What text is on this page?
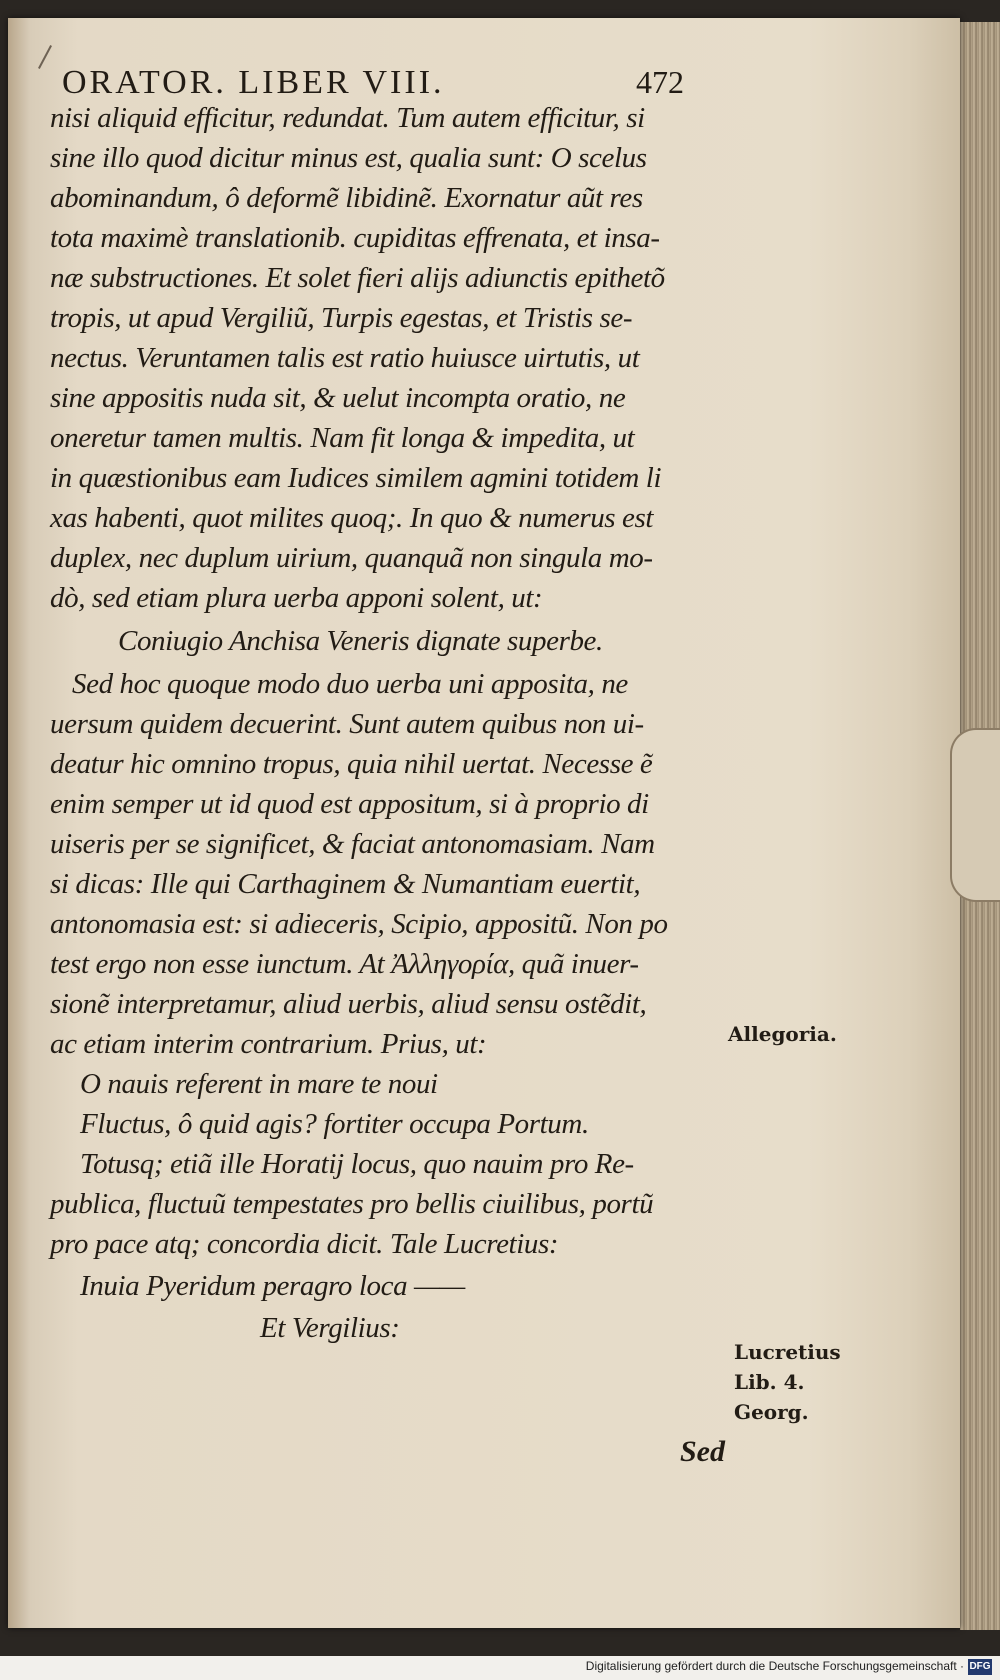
ORATOR. LIBER VIII.	472
nisi aliquid efficitur, redundat. Tum autem efficitur, si
sine illo quod dicitur minus est, qualia sunt: O scelus
abominandum, ô deformẽ libidinẽ. Exornatur aũt res
tota maximè translationib. cupiditas effrenata, et insa-
næ substructiones. Et solet fieri alijs adiunctis epithetõ
tropis, ut apud Vergiliũ, Turpis egestas, et Tristis se-
nectus. Veruntamen talis est ratio huiusce uirtutis, ut
sine appositis nuda sit, & uelut incompta oratio, ne
oneretur tamen multis. Nam fit longa & impedita, ut
in quæstionibus eam Iudices similem agmini totidem li
xas habenti, quot milites quoq;. In quo & numerus est
duplex, nec duplum uirium, quanquã non singula mo-
dò, sed etiam plura uerba apponi solent, ut:
Coniugio Anchisa Veneris dignate superbe.
Sed hoc quoque modo duo uerba uni apposita, ne
uersum quidem decuerint. Sunt autem quibus non ui-
deatur hic omnino tropus, quia nihil uertat. Necesse ẽ
enim semper ut id quod est appositum, si à proprio di
uiseris per se significet, & faciat antonomasiam. Nam
si dicas: Ille qui Carthaginem & Numantiam euertit,
antonomasia est: si adieceris, Scipio, appositũ. Non po
test ergo non esse iunctum. At Ἀλληγορία, quã inuer-
sionẽ interpretamur, aliud uerbis, aliud sensu ostẽdit,
ac etiam interim contrarium. Prius, ut:
O nauis referent in mare te noui
Fluctus, ô quid agis? fortiter occupa Portum.
Totusq; etiã ille Horatij locus, quo nauim pro Re-
publica, fluctuũ tempestates pro bellis ciuilibus, portũ
pro pace atq; concordia dicit. Tale Lucretius:
Inuia Pyeridum peragro loca ——
Et Vergilius:
Sed
Allegoria.
Lucretius
Lib. 4.
Georg.
Digitalisierung gefördert durch die Deutsche Forschungsgemeinschaft · DFG
